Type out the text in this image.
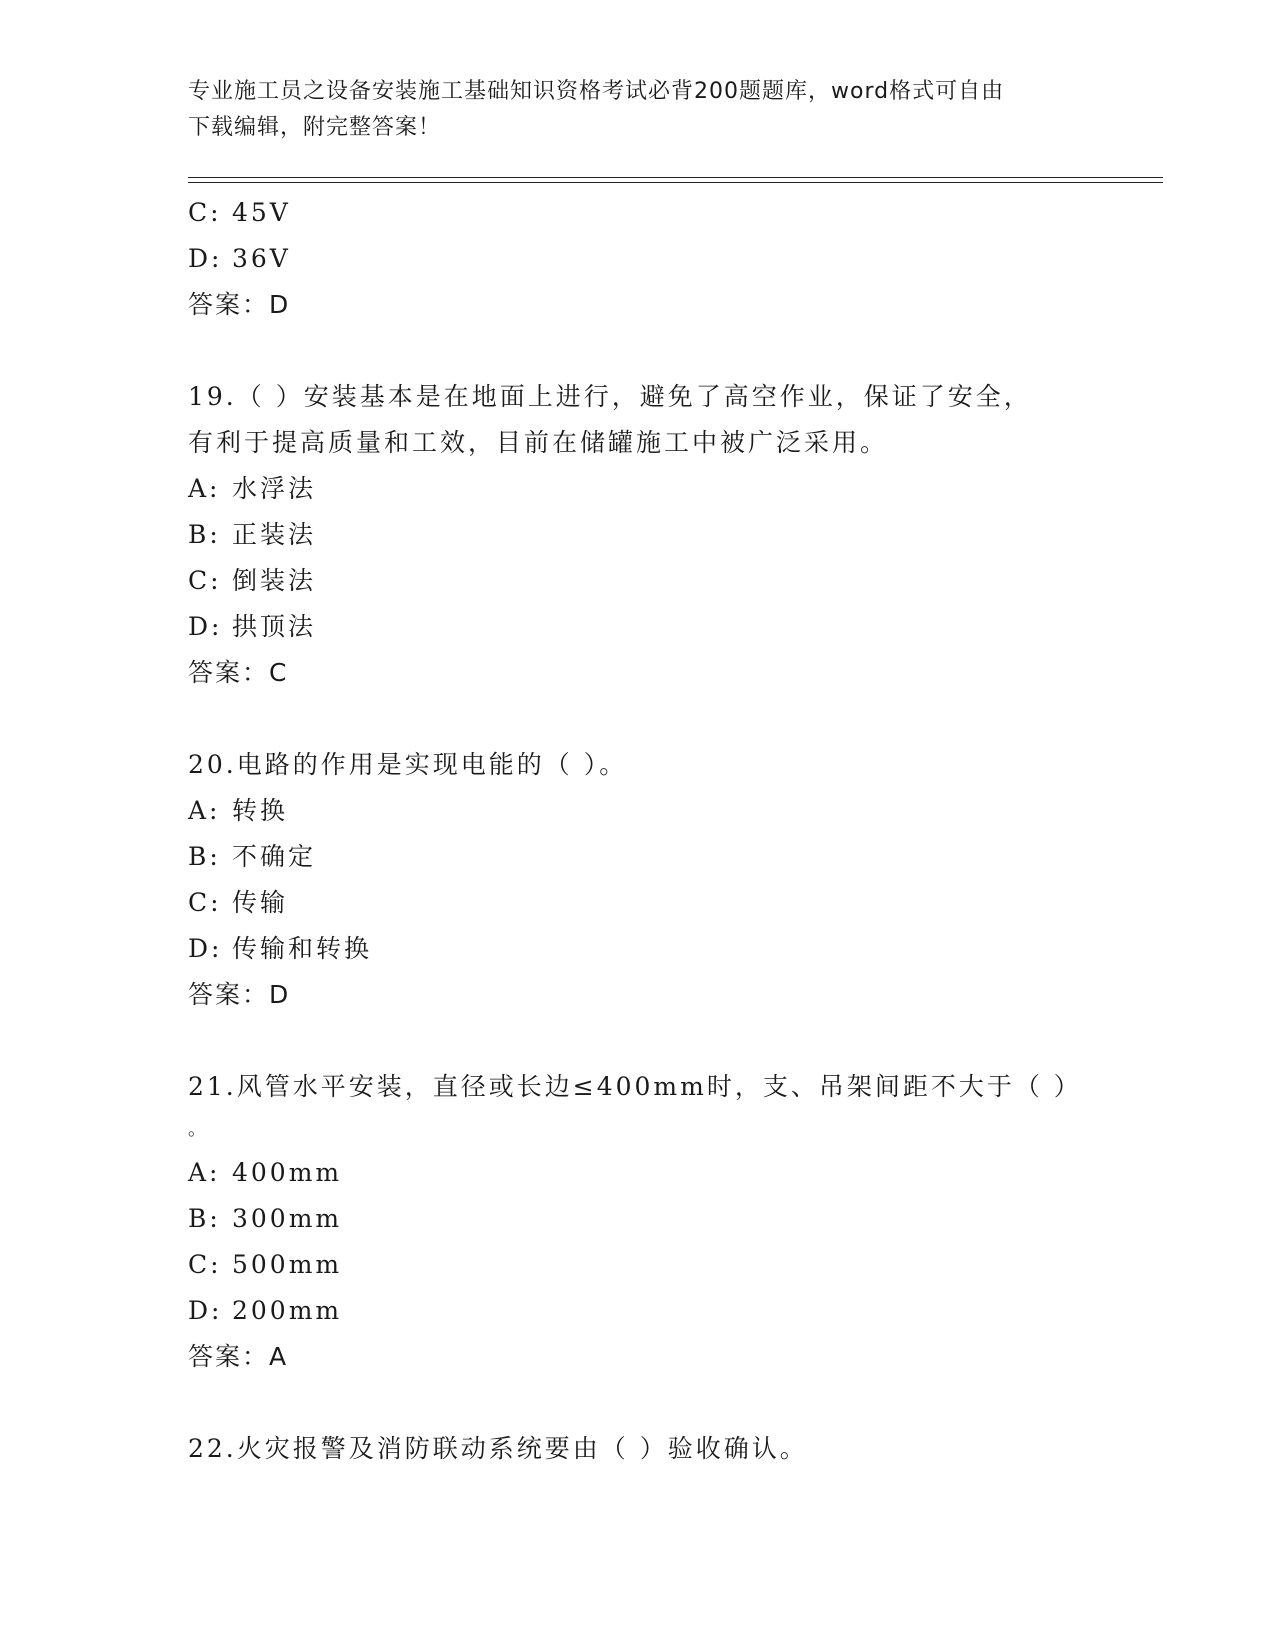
专业施工员之设备安装施工基础知识资格考试必背200题题库，word格式可自由
下载编辑，附完整答案！
C: 45V
D: 36V
答案：D
19.（ ）安装基本是在地面上进行，避免了高空作业，保证了安全，
有利于提高质量和工效，目前在储罐施工中被广泛采用。
A: 水浮法
B: 正装法
C: 倒装法
D: 拱顶法
答案：C
20.电路的作用是实现电能的（ ）。
A: 转换
B: 不确定
C: 传输
D: 传输和转换
答案：D
21.风管水平安装，直径或长边≤400mm时，支、吊架间距不大于（ ）
。
A: 400mm
B: 300mm
C: 500mm
D: 200mm
答案：A
22.火灾报警及消防联动系统要由（ ）验收确认。
